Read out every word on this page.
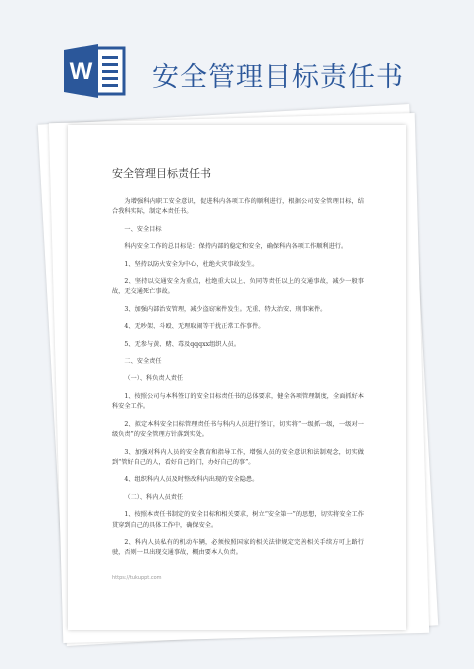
W 安全管理目标责任书
安全管理目标责任书
为增强科内职工安全意识，促进科内各项工作的顺利进行，根据公司安全管理目标，结合我科实际，制定本责任书。
一、安全目标
科内安全工作的总目标是：保持内部的稳定和安全，确保科内各项工作顺利进行。
1、坚持以防火安全为中心，杜绝火灾事故发生。
2、坚持以交通安全为重点，杜绝重大以上、负同等责任以上的交通事故，减少一般事故，无交通死亡事故。
3、加强内部治安管理，减少盗窃案件发生。无重、特大治安、刑事案件。
4、无吵架、斗殴、无理取闹等干扰正常工作事件。
5、无参与黄、赌、毒及qqqxx组织人员。
二、安全责任
（一）、科负责人责任
1、按照公司与本科签订的安全目标责任书的总体要求，健全各项管理制度，全面抓好本科安全工作。
2、拟定本科安全目标管理责任书与科内人员进行签订，切实将“一级抓一级，一级对一级负责”的安全管理方针落到实处。
3、加强对科内人员的安全教育和指导工作，增强人员的安全意识和法制观念，切实做到“管好自己的人，看好自己的门，办好自己的事”。
4、组织科内人员及时整改科内出现的安全隐患。
（二）、科内人员责任
1、按照本责任书制定的安全目标和相关要求，树立“安全第一”的思想，切实将安全工作贯穿到自己的具体工作中，确保安全。
2、科内人员私有的机动车辆，必须按照国家的相关法律规定完善相关手续方可上路行驶，否则一旦出现交通事故，概由要本人负责。
https://tukuppt.com
